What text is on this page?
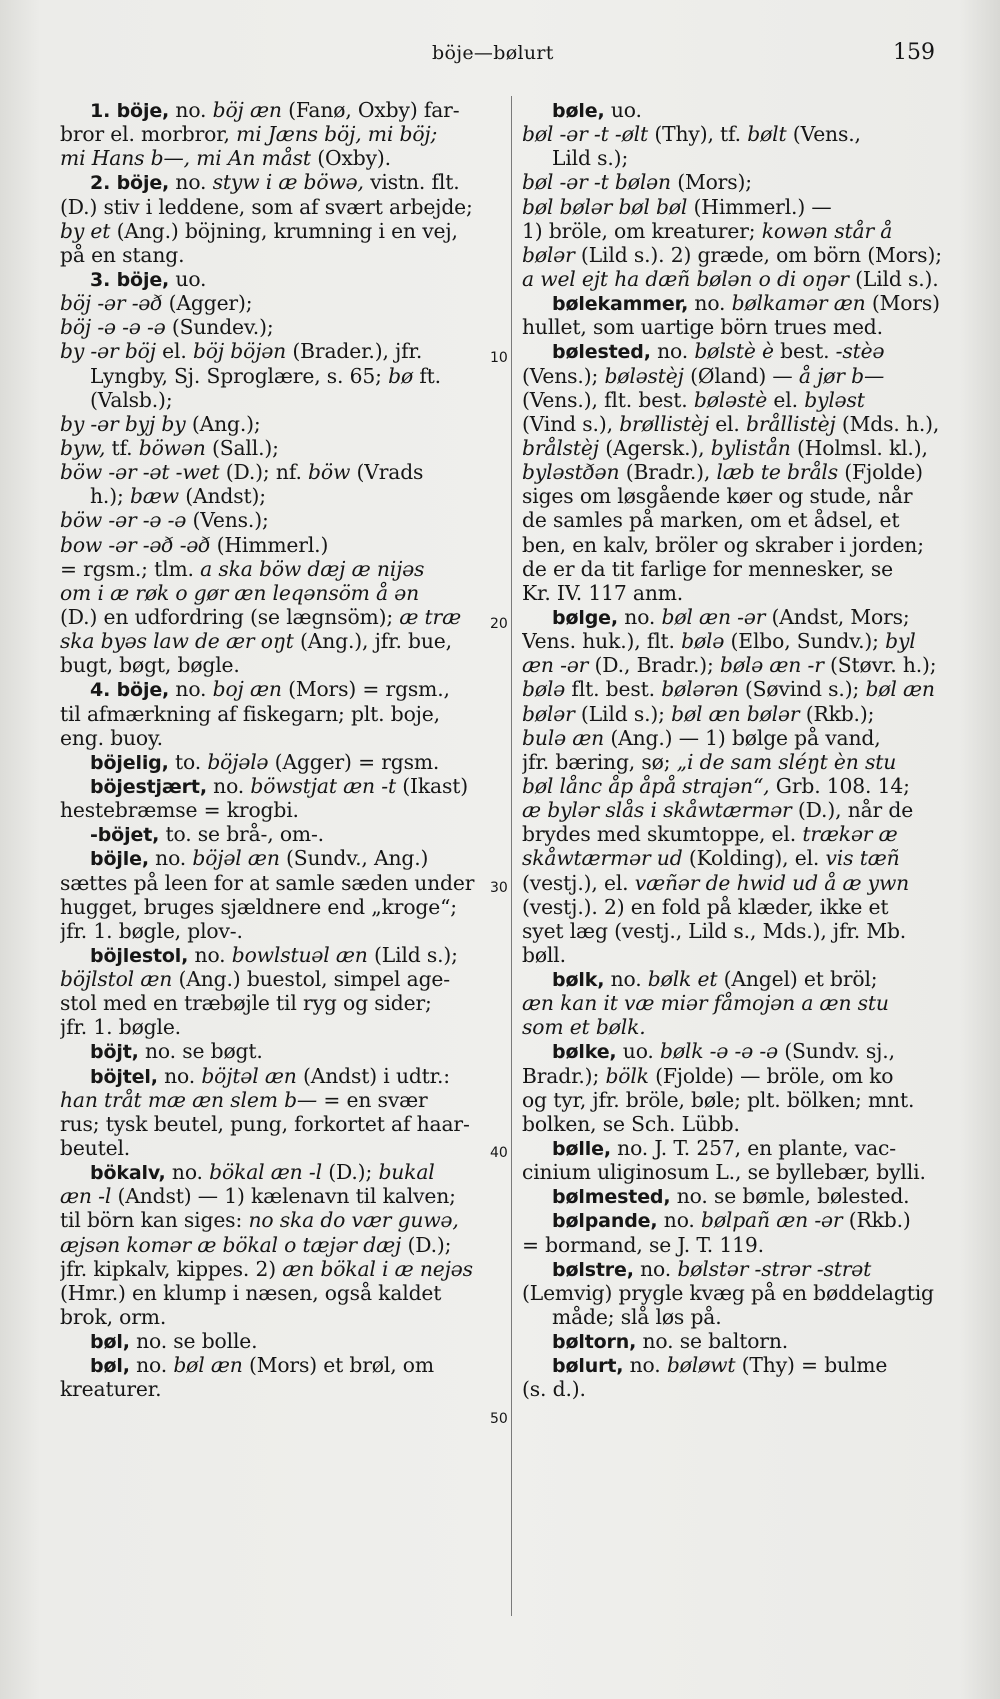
böje—bølurt	159
1. böje, no. böj æn (Fanø, Oxby) far-
bror el. morbror, mi Jæns böj, mi böj;
mi Hans b—, mi An måst (Oxby).
2. böje, no. styw i æ böwə, vistn. flt.
(D.) stiv i leddene, som af svært arbejde;
by et (Ang.) böjning, krumning i en vej,
på en stang.
3. böje, uo.
böj -ər -əð (Agger);
böj -ə -ə -ə (Sundev.);
by -ər böj el. böj böjən (Brader.), jfr.
Lyngby, Sj. Sproglære, s. 65; bø ft.
(Valsb.);
by -ər byj by (Ang.);
byw, tf. böwən (Sall.);
böw -ər -ət -wet (D.); nf. böw (Vrads
h.); bæw (Andst);
böw -ər -ə -ə (Vens.);
bow -ər -əð -əð (Himmerl.)
= rgsm.; tlm. a ska böw dæj æ nijəs
om i æ røk o gør æn leqənsöm å ən
(D.) en udfordring (se lægnsöm); æ træ
ska byəs law de ær oŋt (Ang.), jfr. bue,
bugt, bøgt, bøgle.
4. böje, no. boj æn (Mors) = rgsm.,
til afmærkning af fiskegarn; plt. boje,
eng. buoy.
böjelig, to. böjələ (Agger) = rgsm.
böjestjært, no. böwstjat æn -t (Ikast)
hestebræmse = krogbi.
-böjet, to. se brå-, om-.
böjle, no. böjəl æn (Sundv., Ang.)
sættes på leen for at samle sæden under
hugget, bruges sjældnere end „kroge“;
jfr. 1. bøgle, plov-.
böjlestol, no. bowlstuəl æn (Lild s.);
böjlstol æn (Ang.) buestol, simpel age-
stol med en træbøjle til ryg og sider;
jfr. 1. bøgle.
böjt, no. se bøgt.
böjtel, no. böjtəl æn (Andst) i udtr.:
han tråt mæ æn slem b— = en svær
rus; tysk beutel, pung, forkortet af haar-
beutel.
bökalv, no. bökal æn -l (D.); bukal
æn -l (Andst) — 1) kælenavn til kalven;
til börn kan siges: no ska do vær guwə,
æjsən komər æ bökal o tæjər dæj (D.);
jfr. kipkalv, kippes. 2) æn bökal i æ nejəs
(Hmr.) en klump i næsen, også kaldet
brok, orm.
bøl, no. se bolle.
bøl, no. bøl æn (Mors) et brøl, om
kreaturer.
bøle, uo.
bøl -ər -t -ølt (Thy), tf. bølt (Vens.,
Lild s.);
bøl -ər -t bølən (Mors);
bøl bølər bøl bøl (Himmerl.) —
1) bröle, om kreaturer; kowən står å
bølər (Lild s.). 2) græde, om börn (Mors);
a wel ejt ha dæñ bølən o di oŋər (Lild s.).
bølekammer, no. bølkamər æn (Mors)
hullet, som uartige börn trues med.
bølested, no. bølstè è best. -stèə
(Vens.); bøləstèj (Øland) — å jør b—
(Vens.), flt. best. bøləstè el. byləst
(Vind s.), brøllistèj el. brållistèj (Mds. h.),
brålstèj (Agersk.), bylistån (Holmsl. kl.),
byləstðən (Bradr.), læb te bråls (Fjolde)
siges om løsgående køer og stude, når
de samles på marken, om et ådsel, et
ben, en kalv, bröler og skraber i jorden;
de er da tit farlige for mennesker, se
Kr. IV. 117 anm.
bølge, no. bøl æn -ər (Andst, Mors;
Vens. huk.), flt. bølə (Elbo, Sundv.); byl
æn -ər (D., Bradr.); bølə æn -r (Støvr. h.);
bølə flt. best. bølərən (Søvind s.); bøl æn
bølər (Lild s.); bøl æn bølər (Rkb.);
bulə æn (Ang.) — 1) bølge på vand,
jfr. bæring, sø; „i de sam sléŋt èn stu
bøl lånc åp åpå strajən“, Grb. 108. 14;
æ bylər slås i skåwtærmər (D.), når de
brydes med skumtoppe, el. trækər æ
skåwtærmər ud (Kolding), el. vis tæñ
(vestj.), el. væñər de hwid ud å æ ywn
(vestj.). 2) en fold på klæder, ikke et
syet læg (vestj., Lild s., Mds.), jfr. Mb.
bøll.
bølk, no. bølk et (Angel) et bröl;
æn kan it væ miər fåmojən a æn stu
som et bølk.
bølke, uo. bølk -ə -ə -ə (Sundv. sj.,
Bradr.); bölk (Fjolde) — bröle, om ko
og tyr, jfr. bröle, bøle; plt. bölken; mnt.
bolken, se Sch. Lübb.
bølle, no. J. T. 257, en plante, vac-
cinium uliginosum L., se byllebær, bylli.
bølmested, no. se bømle, bølested.
bølpande, no. bølpañ æn -ər (Rkb.)
= bormand, se J. T. 119.
bølstre, no. bølstər -strər -strət
(Lemvig) prygle kvæg på en bøddelagtig
måde; slå løs på.
bøltorn, no. se baltorn.
bølurt, no. bøløwt (Thy) = bulme
(s. d.).
10
20
30
40
50
